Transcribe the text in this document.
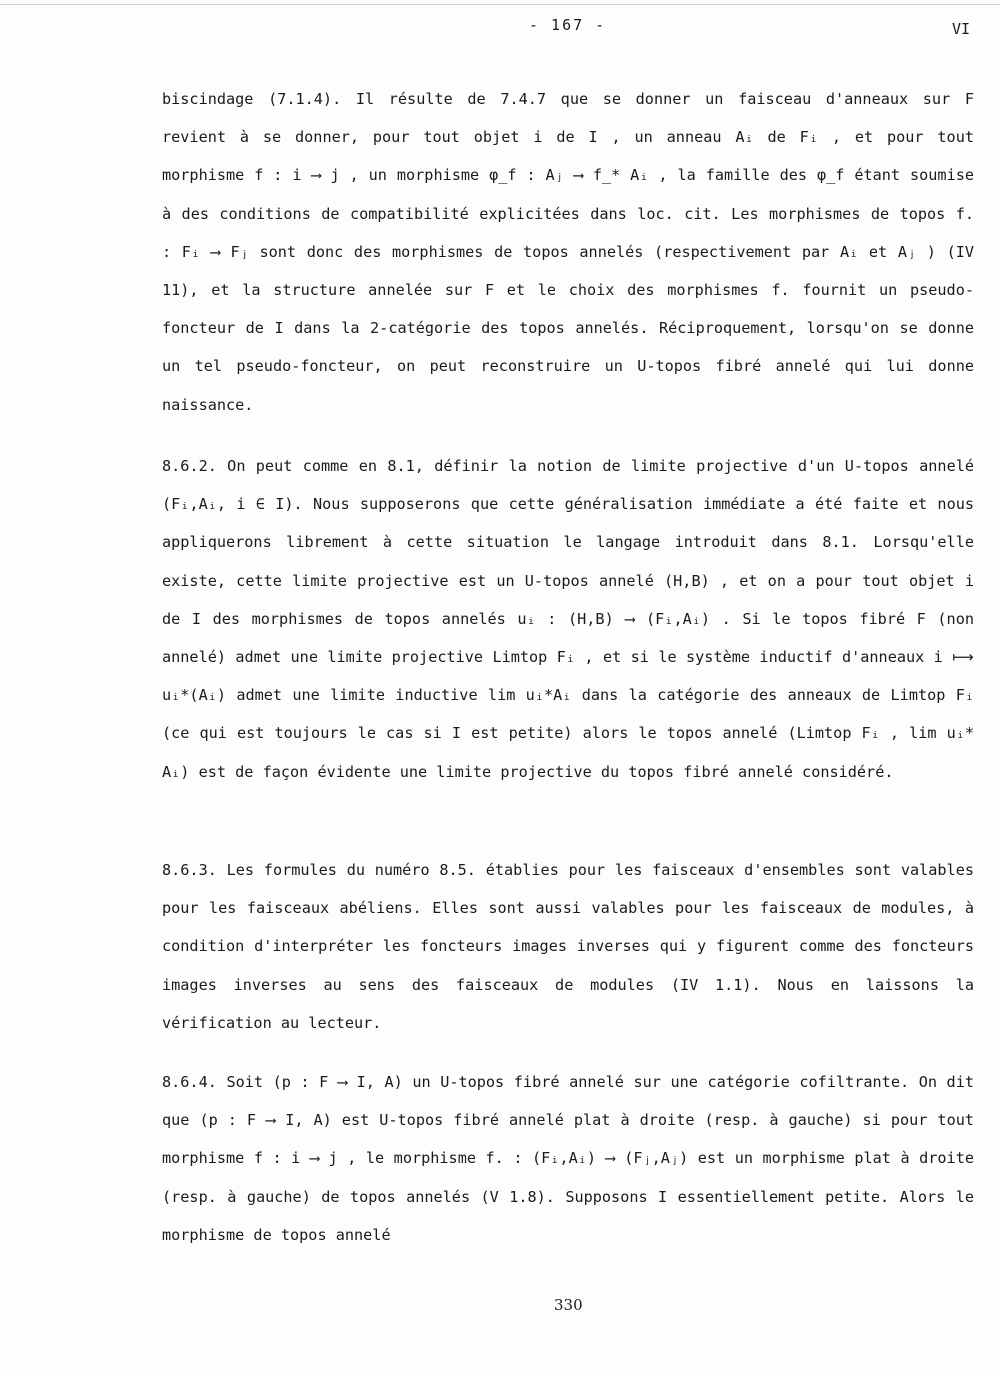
- 167 -	VI

biscindage (7.1.4). Il résulte de 7.4.7 que se donner un faisceau d'anneaux sur F revient à se donner, pour tout objet i de I , un anneau Aᵢ de Fᵢ , et pour tout morphisme f : i ⟶ j , un morphisme φ_f : Aⱼ ⟶ f_* Aᵢ , la famille des φ_f étant soumise à des conditions de compatibilité explicitées dans loc. cit. Les morphismes de topos f. : Fᵢ ⟶ Fⱼ sont donc des morphismes de topos annelés (respectivement par Aᵢ et Aⱼ ) (IV 11), et la structure annelée sur F et le choix des morphismes f. fournit un pseudo-foncteur de I dans la 2-catégorie des topos annelés. Réciproquement, lorsqu'on se donne un tel pseudo-foncteur, on peut reconstruire un U-topos fibré annelé qui lui donne naissance.

8.6.2. On peut comme en 8.1, définir la notion de limite projective d'un U-topos annelé (Fᵢ,Aᵢ, i ∈ I). Nous supposerons que cette généralisation immédiate a été faite et nous appliquerons librement à cette situation le langage introduit dans 8.1. Lorsqu'elle existe, cette limite projective est un U-topos annelé (H,B) , et on a pour tout objet i de I des morphismes de topos annelés uᵢ : (H,B) ⟶ (Fᵢ,Aᵢ) . Si le topos fibré F (non annelé) admet une limite projective Limtop Fᵢ , et si le système inductif d'anneaux i ⟼ uᵢ*(Aᵢ) admet une limite inductive lim uᵢ*Aᵢ dans la catégorie des anneaux de Limtop Fᵢ (ce qui est toujours le cas si I est petite) alors le topos annelé (Limtop Fᵢ , lim uᵢ* Aᵢ) est de façon évidente une limite projective du topos fibré annelé considéré.

8.6.3. Les formules du numéro 8.5. établies pour les faisceaux d'ensembles sont valables pour les faisceaux abéliens. Elles sont aussi valables pour les faisceaux de modules, à condition d'interpréter les foncteurs images inverses qui y figurent comme des foncteurs images inverses au sens des faisceaux de modules (IV 1.1). Nous en laissons la vérification au lecteur.

8.6.4. Soit (p : F ⟶ I, A) un U-topos fibré annelé sur une catégorie cofiltrante. On dit que (p : F ⟶ I, A) est U-topos fibré annelé plat à droite (resp. à gauche) si pour tout morphisme f : i ⟶ j , le morphisme f. : (Fᵢ,Aᵢ) ⟶ (Fⱼ,Aⱼ) est un morphisme plat à droite (resp. à gauche) de topos annelés (V 1.8). Supposons I essentiellement petite. Alors le morphisme de topos annelé

330
